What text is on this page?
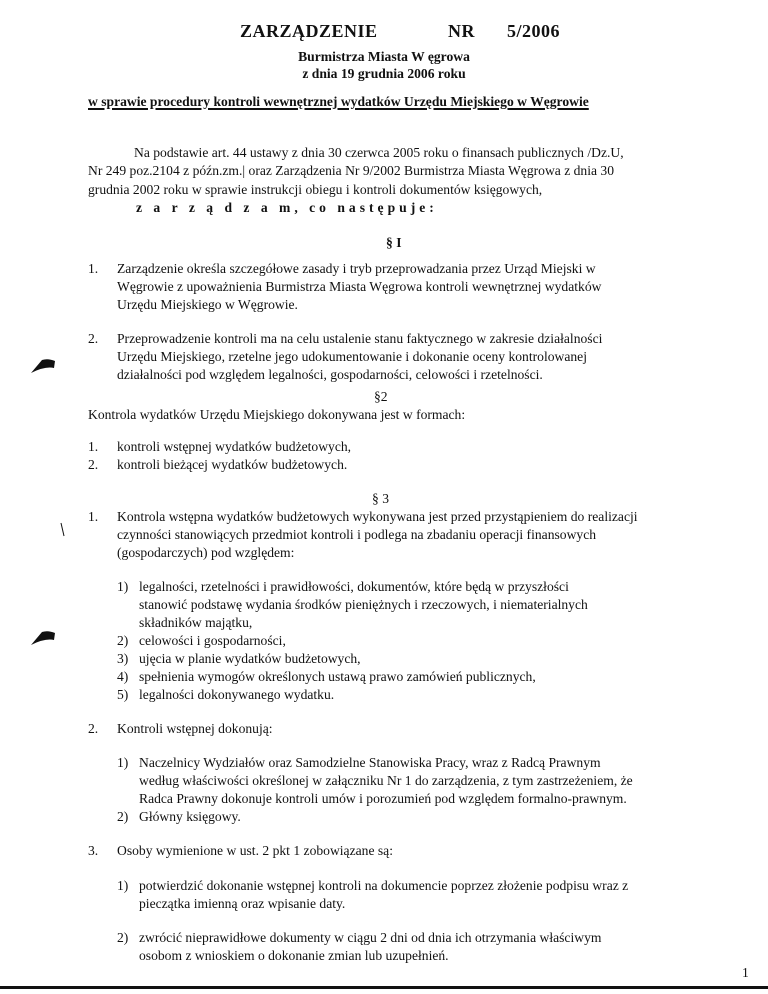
ZARZĄDZENIE	NR 5/2006
Burmistrza Miasta W ęgrowa
z dnia 19 grudnia 2006 roku
w sprawie procedury kontroli wewnętrznej wydatków Urzędu Miejskiego w Węgrowie
Na podstawie art. 44 ustawy z dnia 30 czerwca 2005 roku o finansach publicznych /Dz.U,
Nr 249 poz.2104 z późn.zm.| oraz Zarządzenia Nr 9/2002 Burmistrza Miasta Węgrowa z dnia 30
grudnia 2002 roku w sprawie instrukcji obiegu i kontroli dokumentów księgowych,
z a r z ą d z a m, co następuje:
§ I
1. Zarządzenie określa szczegółowe zasady i tryb przeprowadzania przez Urząd Miejski w
Węgrowie z upoważnienia Burmistrza Miasta Węgrowa kontroli wewnętrznej wydatków
Urzędu Miejskiego w Węgrowie.
2. Przeprowadzenie kontroli ma na celu ustalenie stanu faktycznego w zakresie działalności
Urzędu Miejskiego, rzetelne jego udokumentowanie i dokonanie oceny kontrolowanej
działalności pod względem legalności, gospodarności, celowości i rzetelności.
§2
Kontrola wydatków Urzędu Miejskiego dokonywana jest w formach:
1. kontroli wstępnej wydatków budżetowych,
2. kontroli bieżącej wydatków budżetowych.
§ 3
1. Kontrola wstępna wydatków budżetowych wykonywana jest przed przystąpieniem do realizacji
czynności stanowiących przedmiot kontroli i podlega na zbadaniu operacji finansowych
(gospodarczych) pod względem:
1) legalności, rzetelności i prawidłowości, dokumentów, które będą w przyszłości
stanowić podstawę wydania środków pieniężnych i rzeczowych, i niematerialnych
składników majątku,
2) celowości i gospodarności,
3) ujęcia w planie wydatków budżetowych,
4) spełnienia wymogów określonych ustawą prawo zamówień publicznych,
5) legalności dokonywanego wydatku.
2. Kontroli wstępnej dokonują:
1) Naczelnicy Wydziałów oraz Samodzielne Stanowiska Pracy, wraz z Radcą Prawnym
według właściwości określonej w załączniku Nr 1 do zarządzenia, z tym zastrzeżeniem, że
Radca Prawny dokonuje kontroli umów i porozumień pod względem formalno-prawnym.
2) Główny księgowy.
3. Osoby wymienione w ust. 2 pkt 1 zobowiązane są:
1) potwierdzić dokonanie wstępnej kontroli na dokumencie poprzez złożenie podpisu wraz z
pieczątka imienną oraz wpisanie daty.
2) zwrócić nieprawidłowe dokumenty w ciągu 2 dni od dnia ich otrzymania właściwym
osobom z wnioskiem o dokonanie zmian lub uzupełnień.
1
